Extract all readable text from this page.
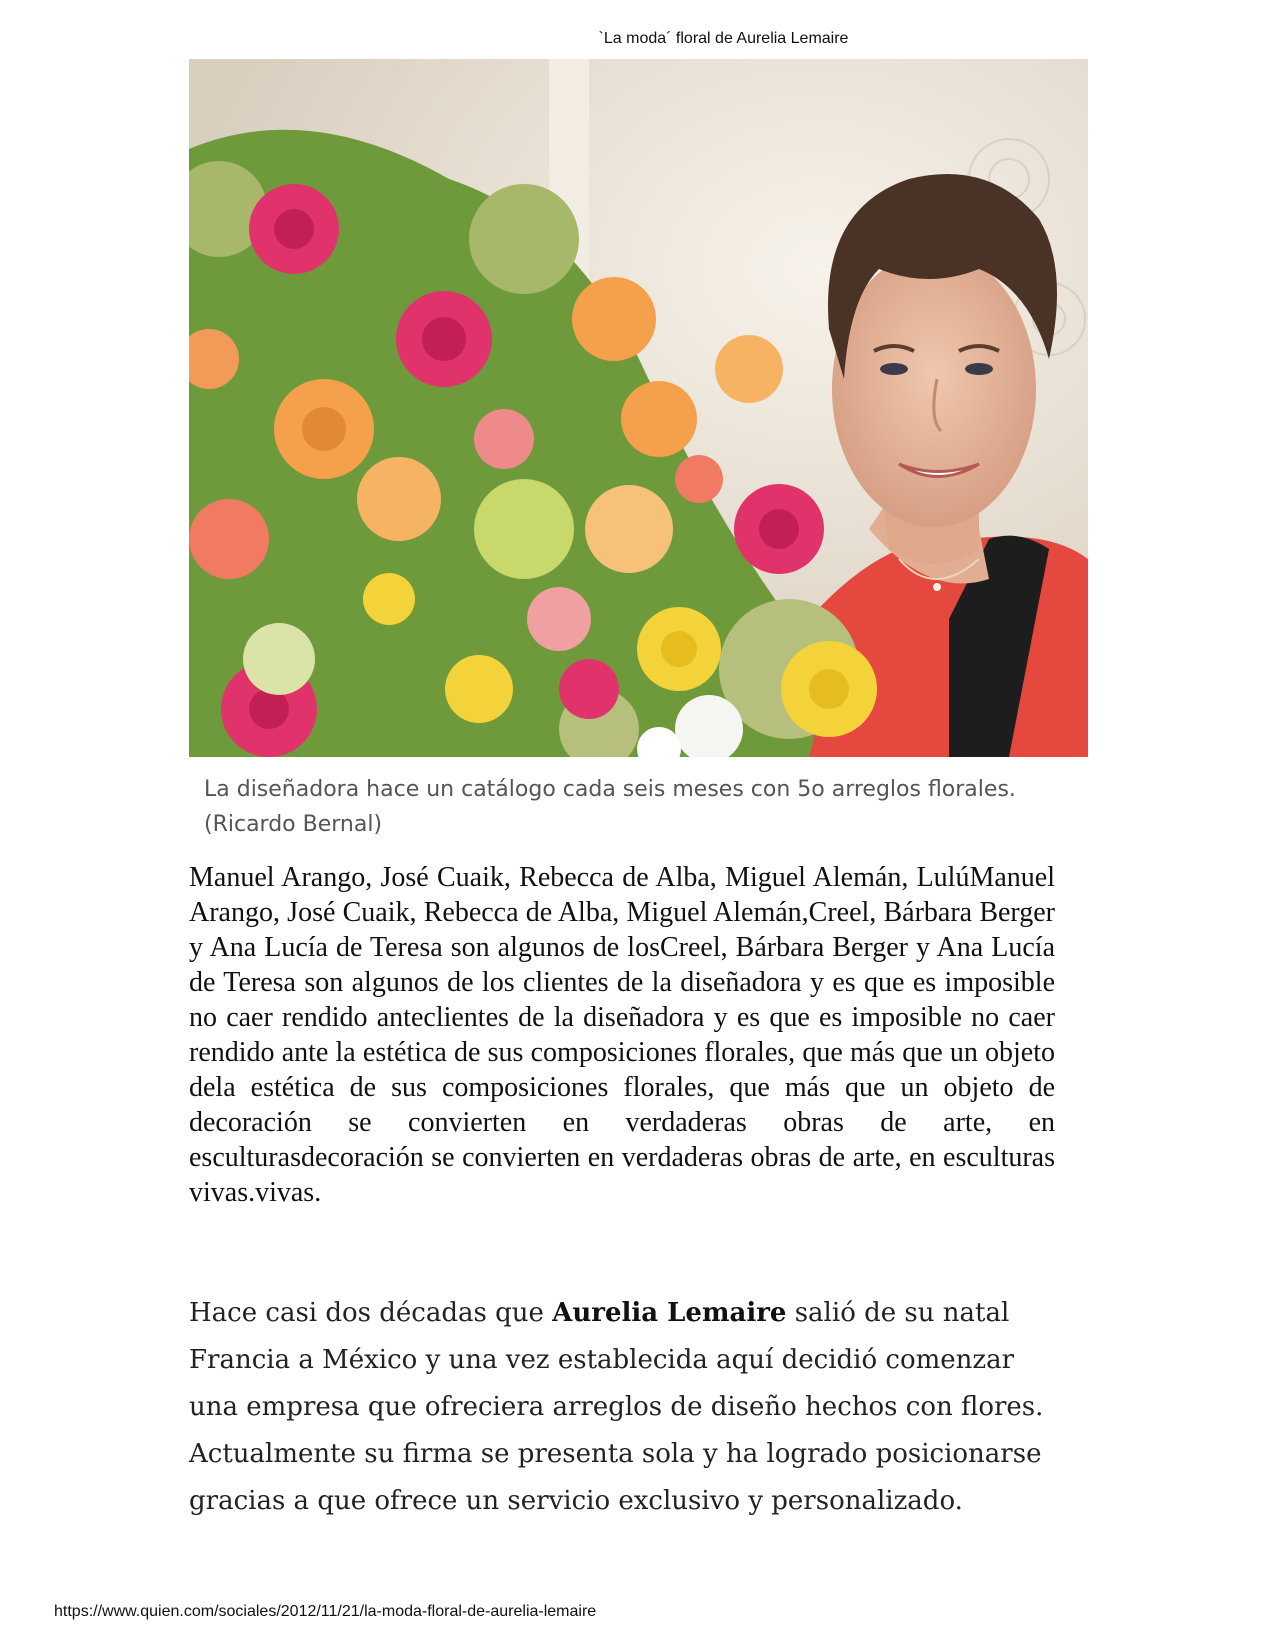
`La moda´ floral de Aurelia Lemaire
La diseñadora hace un catálogo cada seis meses con 5o arreglos florales. (Ricardo Bernal)

Manuel Arango, José Cuaik, Rebecca de Alba, Miguel Alemán, LulúManuel Arango, José Cuaik, Rebecca de Alba, Miguel Alemán,Creel, Bárbara Berger y Ana Lucía de Teresa son algunos de losCreel, Bárbara Berger y Ana Lucía de Teresa son algunos de los clientes de la diseñadora y es que es imposible no caer rendido anteclientes de la diseñadora y es que es imposible no caer rendido ante la estética de sus composiciones florales, que más que un objeto dela estética de sus composiciones florales, que más que un objeto de decoración se convierten en verdaderas obras de arte, en esculturasdecoración se convierten en verdaderas obras de arte, en esculturas vivas.vivas.

Hace casi dos décadas que Aurelia Lemaire salió de su natal Francia a México y una vez establecida aquí decidió comenzar una empresa que ofreciera arreglos de diseño hechos con flores. Actualmente su firma se presenta sola y ha logrado posicionarse gracias a que ofrece un servicio exclusivo y personalizado.

https://www.quien.com/sociales/2012/11/21/la-moda-floral-de-aurelia-lemaire
